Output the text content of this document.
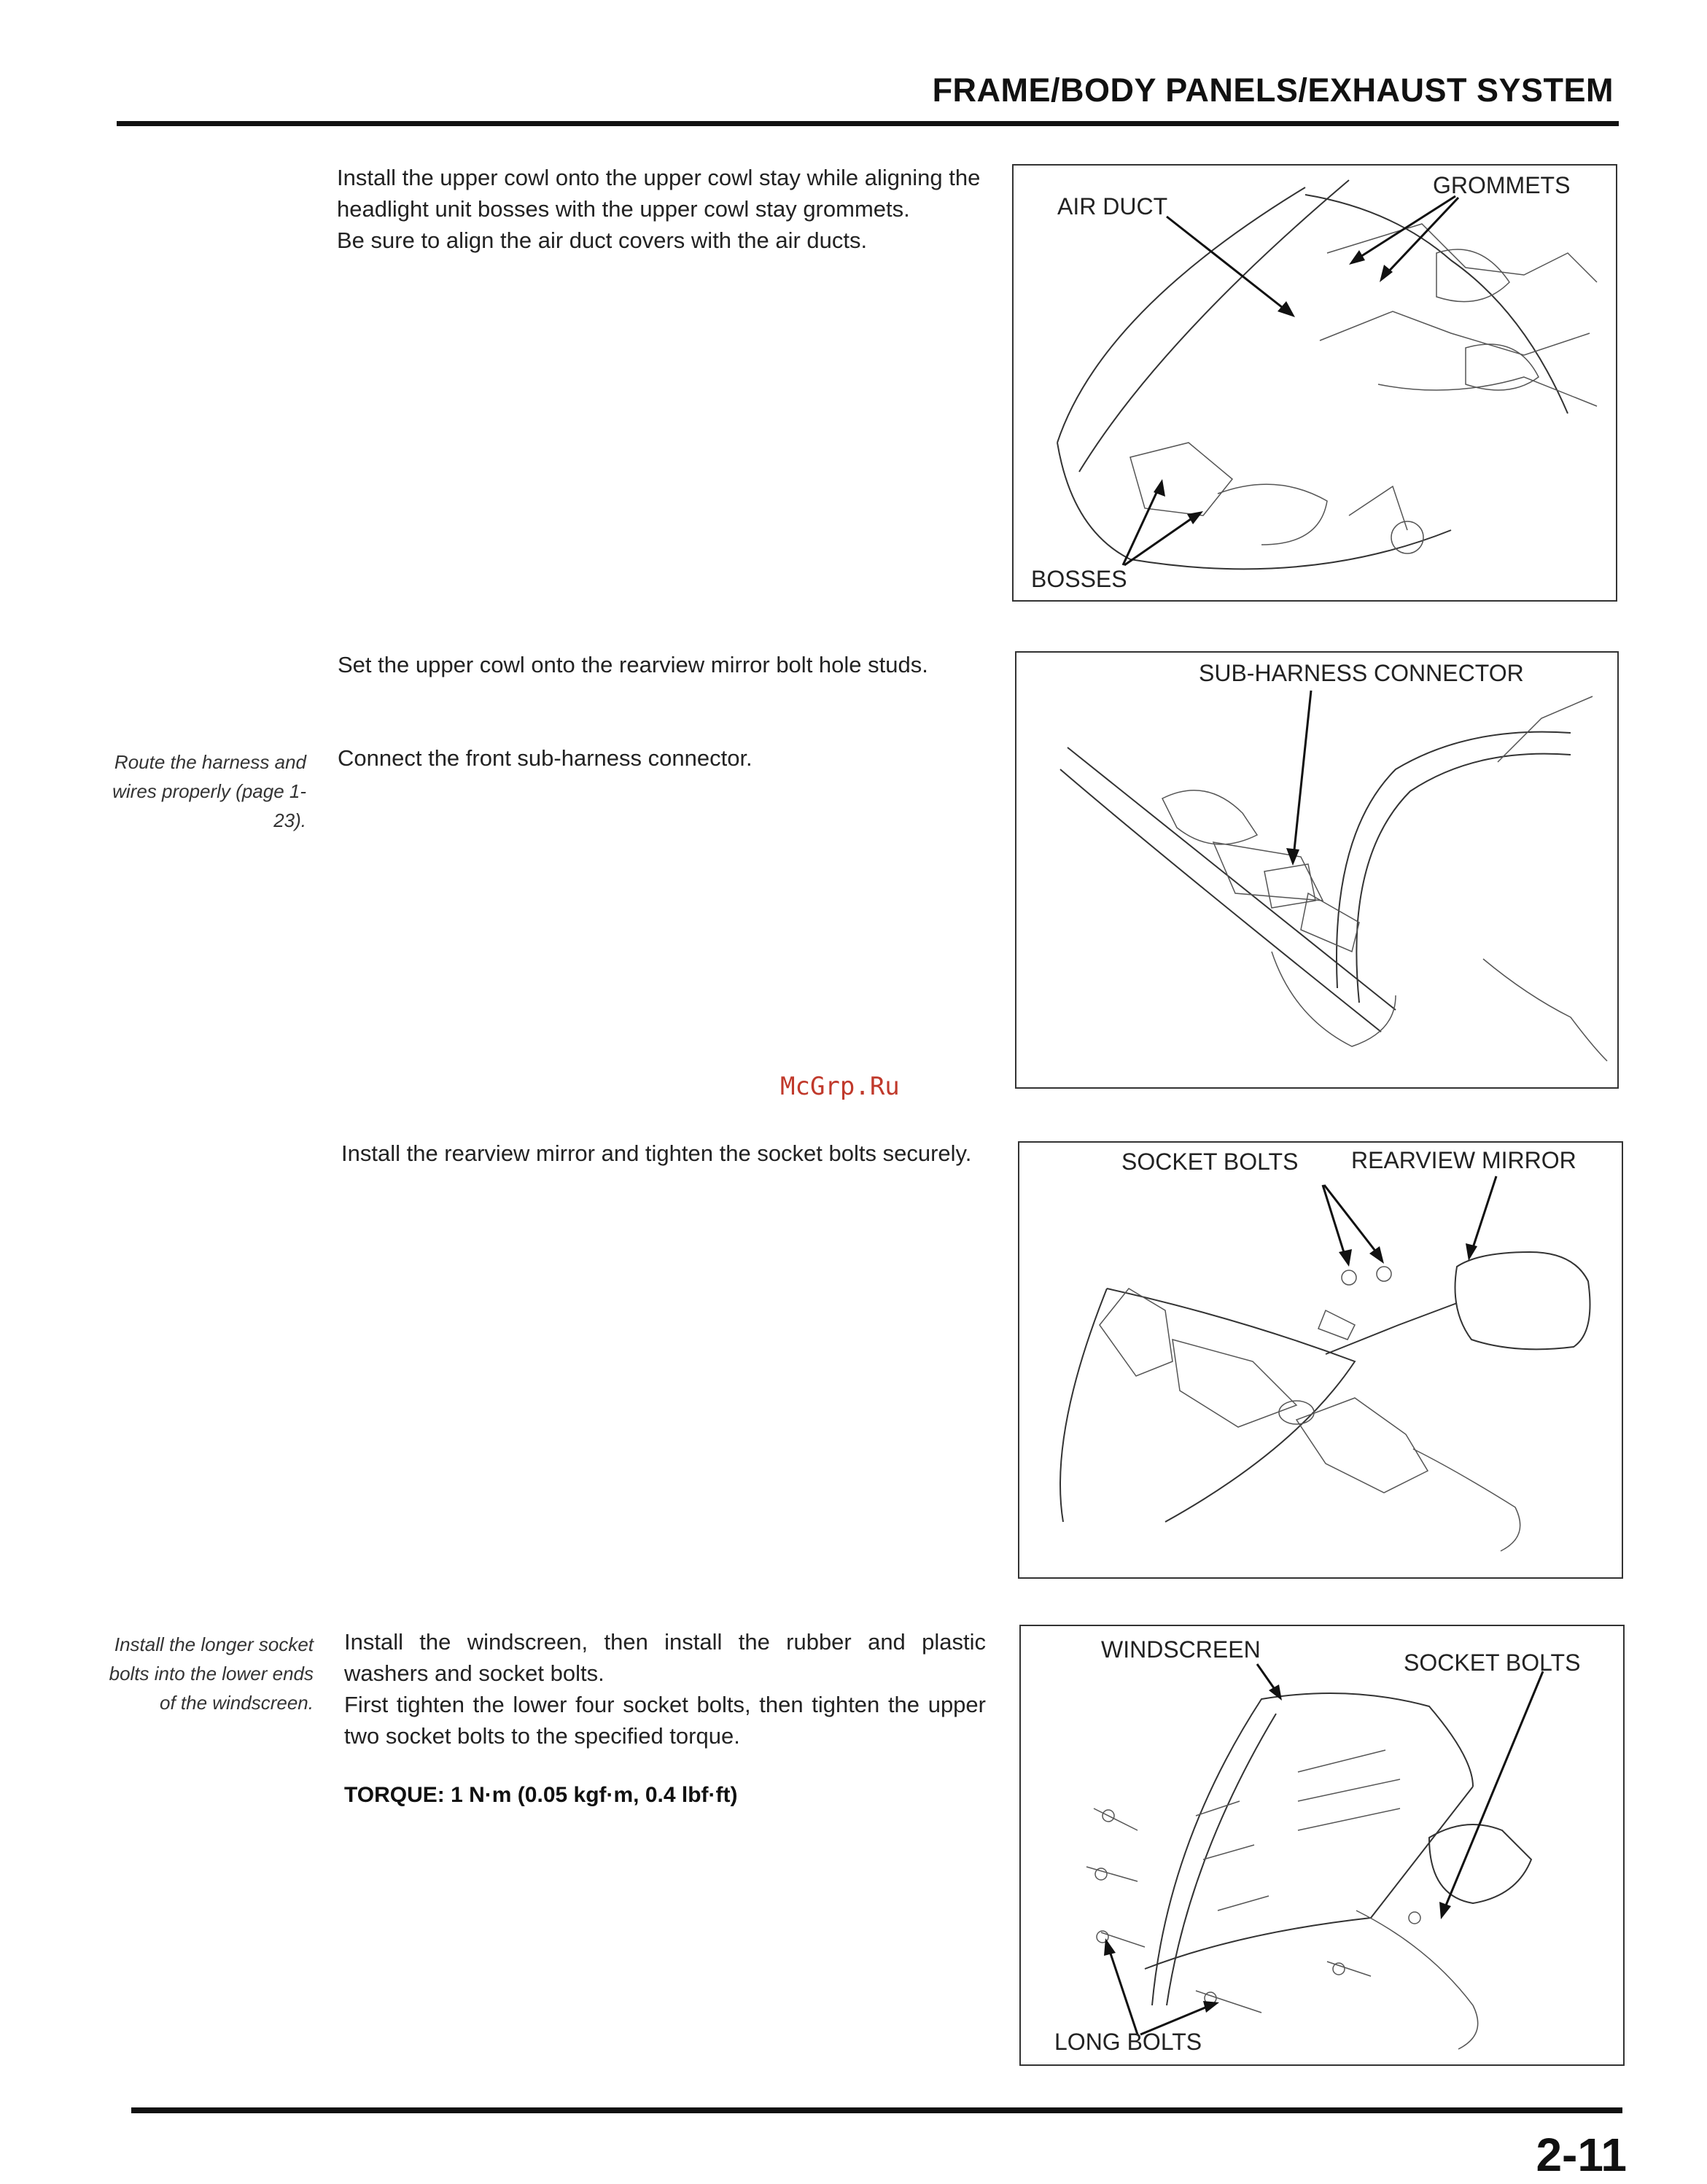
FRAME/BODY PANELS/EXHAUST SYSTEM
Install the upper cowl onto the upper cowl stay while aligning the headlight unit bosses with the upper cowl stay grommets.
Be sure to align the air duct covers with the air ducts.
AIR DUCT
GROMMETS
BOSSES
Set the upper cowl onto the rearview mirror bolt hole studs.
Connect the front sub-harness connector.
Route the harness and wires properly (page 1-23).
SUB-HARNESS CONNECTOR
McGrp.Ru
Install the rearview mirror and tighten the socket bolts securely.	SOCKET BOLTS REARVIEW MIRROR
Install the windscreen, then install the rubber and plastic washers and socket bolts.
First tighten the lower four socket bolts, then tighten the upper two socket bolts to the specified torque.
Install the longer socket bolts into the lower ends of the windscreen.
TORQUE: 1 N·m (0.05 kgf·m, 0.4 lbf·ft)
WINDSCREEN	SOCKET BOLTS
LONG BOLTS
2-11
